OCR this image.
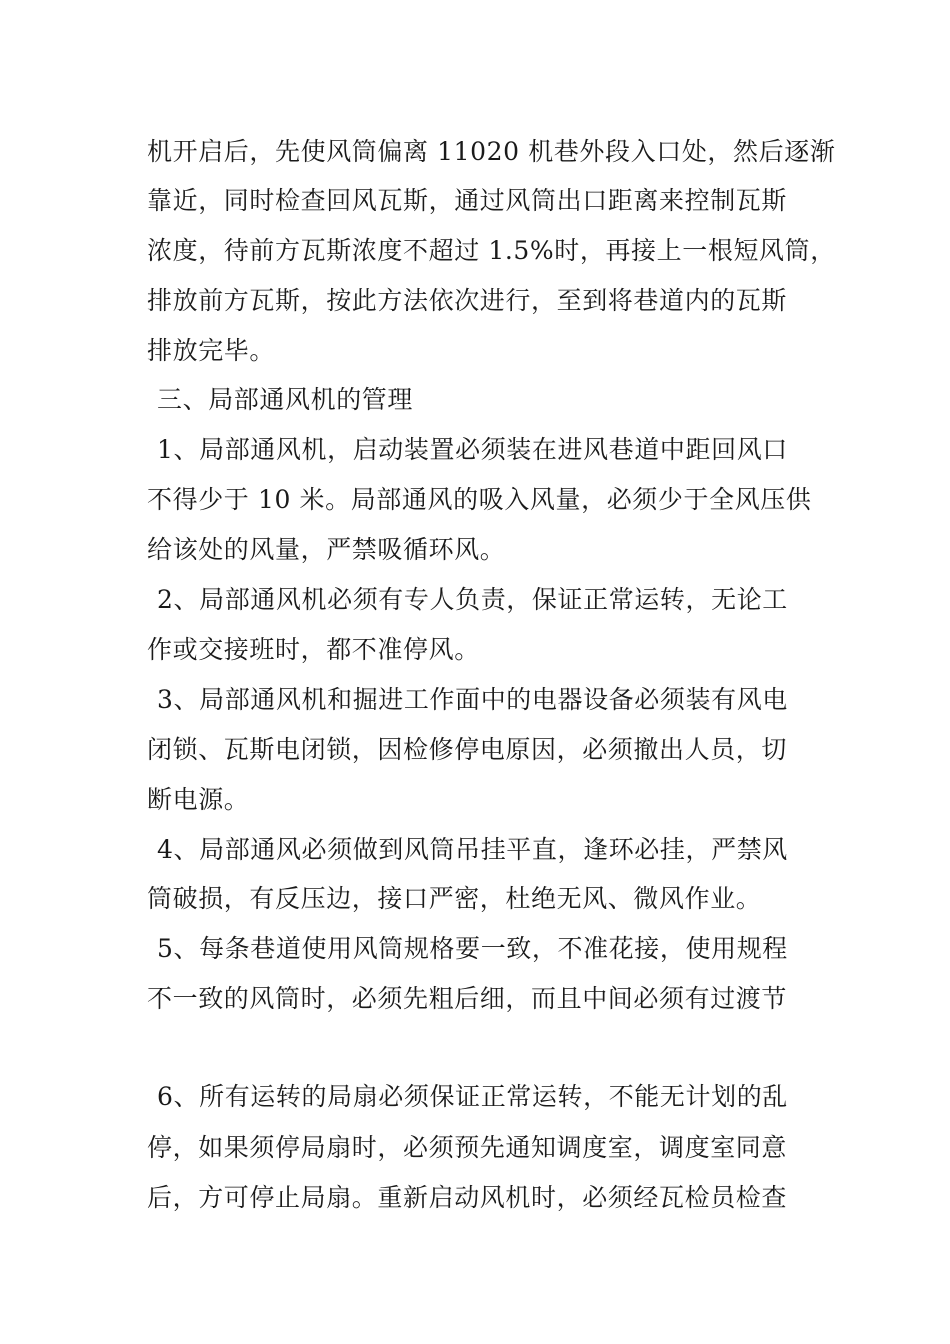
机开启后，先使风筒偏离 11020 机巷外段入口处，然后逐渐
靠近，同时检查回风瓦斯，通过风筒出口距离来控制瓦斯
浓度，待前方瓦斯浓度不超过 1.5%时，再接上一根短风筒，
排放前方瓦斯，按此方法依次进行，至到将巷道内的瓦斯
排放完毕。
三、局部通风机的管理
1、局部通风机，启动装置必须装在进风巷道中距回风口
不得少于 10 米。局部通风的吸入风量，必须少于全风压供
给该处的风量，严禁吸循环风。
2、局部通风机必须有专人负责，保证正常运转，无论工
作或交接班时，都不准停风。
3、局部通风机和掘进工作面中的电器设备必须装有风电
闭锁、瓦斯电闭锁，因检修停电原因，必须撤出人员，切
断电源。
4、局部通风必须做到风筒吊挂平直，逢环必挂，严禁风
筒破损，有反压边，接口严密，杜绝无风、微风作业。
5、每条巷道使用风筒规格要一致，不准花接，使用规程
不一致的风筒时，必须先粗后细，而且中间必须有过渡节
6、所有运转的局扇必须保证正常运转，不能无计划的乱
停，如果须停局扇时，必须预先通知调度室，调度室同意
后，方可停止局扇。重新启动风机时，必须经瓦检员检查
